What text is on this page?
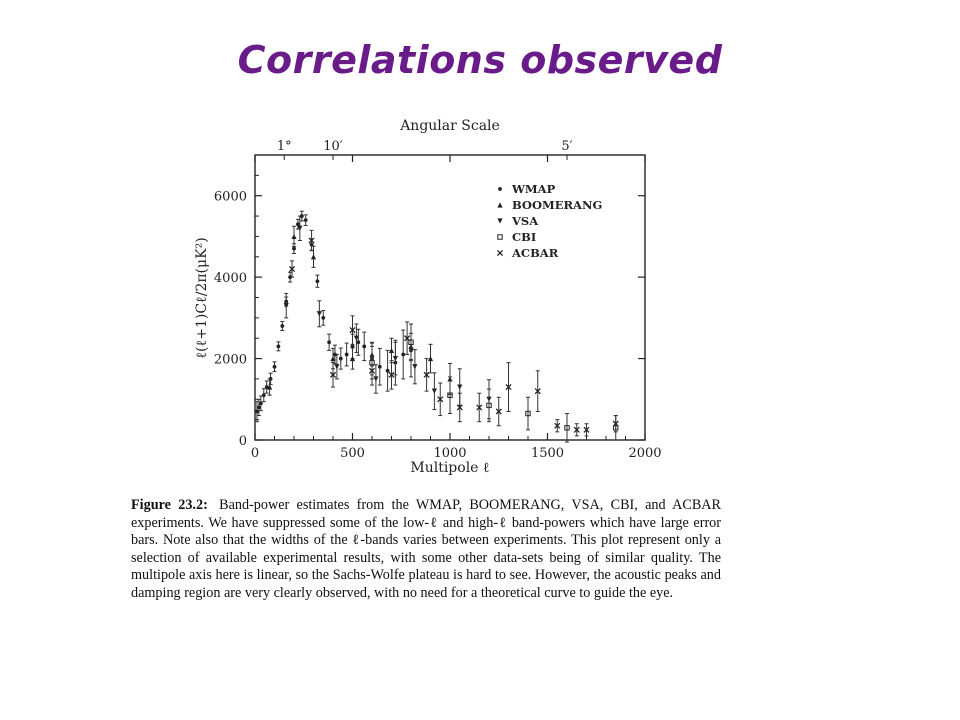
Correlations observed
0	500	1000	1500	2000
0
2000
4000
6000
1° 10′	5′
WMAP
BOOMERANG
VSA
CBI
ACBAR
Multipole ℓ
Angular Scale
ℓ(ℓ+1)Cℓ/2π(μK²)
Figure 23.2: Band-power estimates from the WMAP, BOOMERANG, VSA, CBI, and ACBAR experiments. We have suppressed some of the low-ℓ and high-ℓ band-powers which have large error bars. Note also that the widths of the ℓ-bands varies between experiments. This plot represent only a selection of available experimental results, with some other data-sets being of similar quality. The multipole axis here is linear, so the Sachs-Wolfe plateau is hard to see. However, the acoustic peaks and damping region are very clearly observed, with no need for a theoretical curve to guide the eye.
